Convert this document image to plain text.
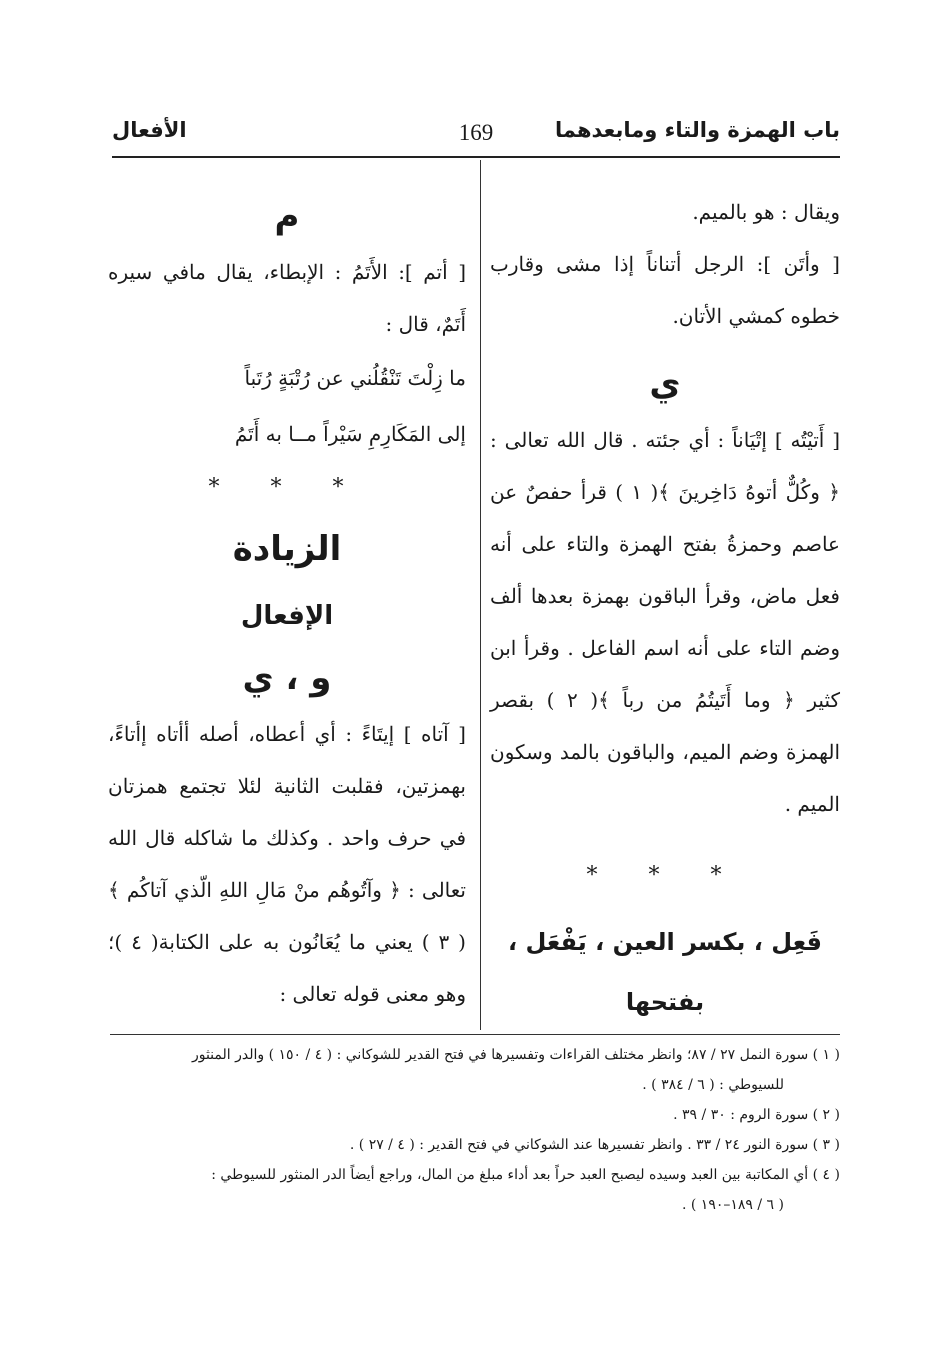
باب الهمزة والتاء ومابعدهما
169
الأفعال

ويقال : هو بالميم.

[ وأتَن ]: الرجل أتناناً إذا مشى وقارب خطوه كمشي الأتان.

ي

[ أَتيْتُه ] إتْيَاناً : أي جئته . قال الله تعالى : ﴿ وكُلٌّ أتوهُ دَاخِرينَ ﴾( ١ ) قرأ حفصٌ عن عاصم وحمزةُ بفتح الهمزة والتاء على أنه فعل ماض، وقرأ الباقون بهمزة بعدها ألف وضم التاء على أنه اسم الفاعل . وقرأ ابن كثير ﴿ وما أَتَيتُمُ من رباً ﴾( ٢ ) بقصر الهمزة وضم الميم، والباقون بالمد وسكون الميم .

* * *
فَعِل ، بكسر العين ، يَفْعَل ، بفتحها
م

[ أتم ]: الأَتَمُ : الإبطاء، يقال مافي سيره أَتَمٌ، قال :

ما زِلْتَ تَنْقُلُني عن رُتْبَةٍ رُتَباً
إلى المَكَارِمِ سَيْراً مــا به أَتَمُ
* * *
الزيادة
الإفعال
و ، ي

[ آتاه ] إيتَاءً : أي أعطاه، أصله أأتاه إأتاءً، بهمزتين، فقلبت الثانية لئلا تجتمع همزتان في حرف واحد . وكذلك ما شاكله قال الله تعالى : ﴿ وآتُوهُم منْ مَالِ اللهِ الّذي آتاكُم ﴾( ٣ ) يعني ما يُعَانُون به على الكتابة( ٤ )؛ وهو معنى قوله تعالى :

( ١ ) سورة النمل ٢٧ / ٨٧؛ وانظر مختلف القراءات وتفسيرها في فتح القدير للشوكاني : ( ٤ / ١٥٠ ) والدر المنثور

للسيوطي : ( ٦ / ٣٨٤ ) .

( ٢ ) سورة الروم : ٣٠ / ٣٩ .

( ٣ ) سورة النور ٢٤ / ٣٣ . وانظر تفسيرها عند الشوكاني في فتح القدير : ( ٤ / ٢٧ ) .

( ٤ ) أي المكاتبة بين العبد وسيده ليصبح العبد حراً بعد أداء مبلغ من المال، وراجع أيضاً الدر المنثور للسيوطي :

( ٦ / ١٨٩–١٩٠ ) .
